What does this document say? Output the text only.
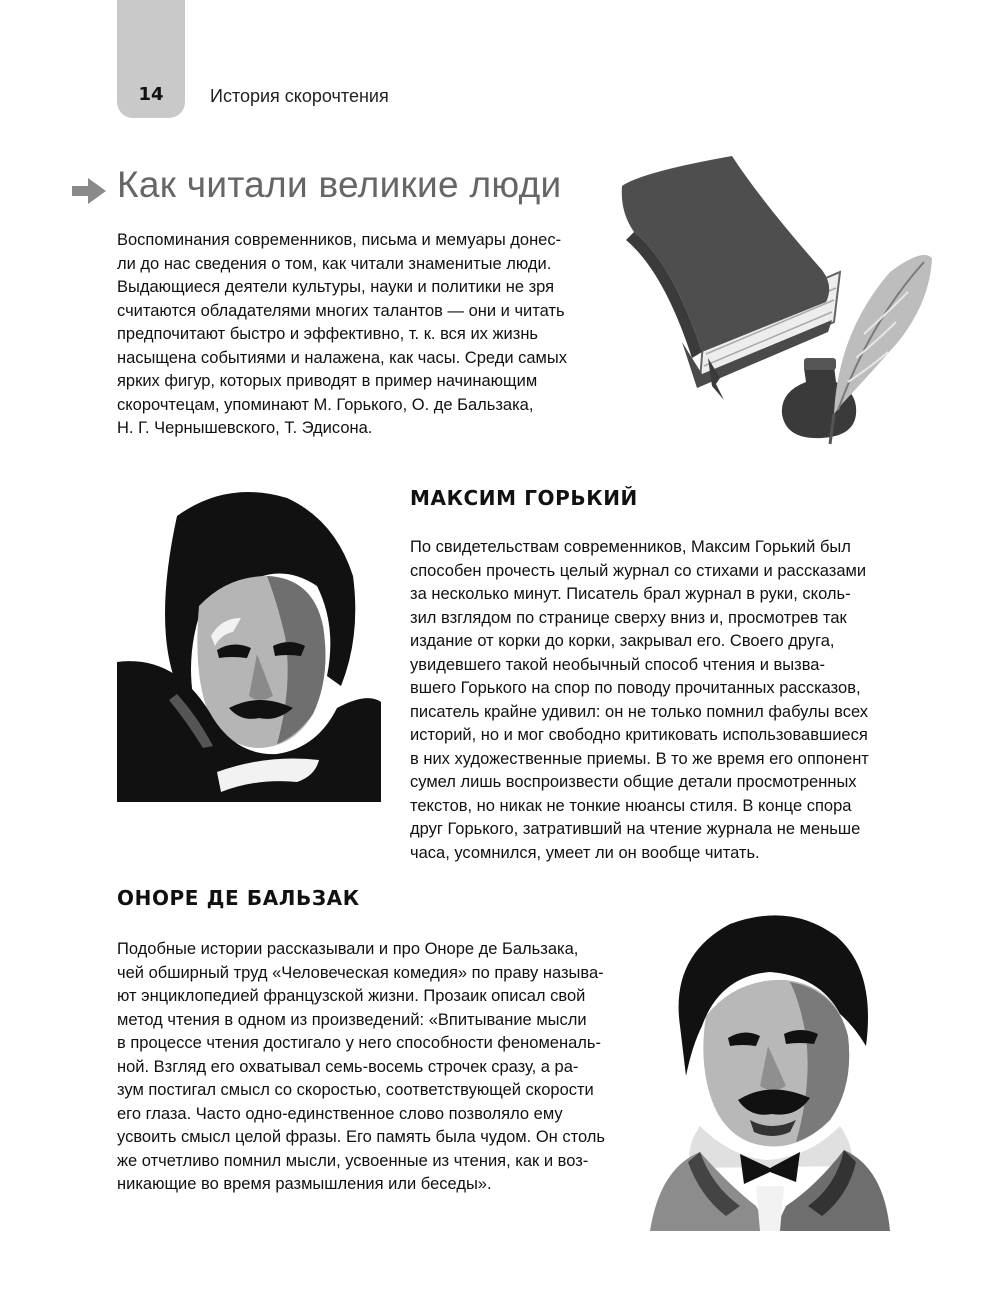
14	История скорочтения
Как читали великие люди
Воспоминания современников, письма и мемуары донес-
ли до нас сведения о том, как читали знаменитые люди.
Выдающиеся деятели культуры, науки и политики не зря
считаются обладателями многих талантов — они и читать
предпочитают быстро и эффективно, т. к. вся их жизнь
насыщена событиями и налажена, как часы. Среди самых
ярких фигур, которых приводят в пример начинающим
скорочтецам, упоминают М. Горького, О. де Бальзака,
Н. Г. Чернышевского, Т. Эдисона.
МАКСИМ ГОРЬКИЙ
По свидетельствам современников, Максим Горький был
способен прочесть целый журнал со стихами и рассказами
за несколько минут. Писатель брал журнал в руки, сколь-
зил взглядом по странице сверху вниз и, просмотрев так
издание от корки до корки, закрывал его. Своего друга,
увидевшего такой необычный способ чтения и вызва-
вшего Горького на спор по поводу прочитанных рассказов,
писатель крайне удивил: он не только помнил фабулы всех
историй, но и мог свободно критиковать использовавшиеся
в них художественные приемы. В то же время его оппонент
сумел лишь воспроизвести общие детали просмотренных
текстов, но никак не тонкие нюансы стиля. В конце спора
друг Горького, затративший на чтение журнала не меньше
часа, усомнился, умеет ли он вообще читать.
ОНОРЕ ДЕ БАЛЬЗАК
Подобные истории рассказывали и про Оноре де Бальзака,
чей обширный труд «Человеческая комедия» по праву называ-
ют энциклопедией французской жизни. Прозаик описал свой
метод чтения в одном из произведений: «Впитывание мысли
в процессе чтения достигало у него способности феноменаль-
ной. Взгляд его охватывал семь-восемь строчек сразу, а ра-
зум постигал смысл со скоростью, соответствующей скорости
его глаза. Часто одно-единственное слово позволяло ему
усвоить смысл целой фразы. Его память была чудом. Он столь
же отчетливо помнил мысли, усвоенные из чтения, как и воз-
никающие во время размышления или беседы».
